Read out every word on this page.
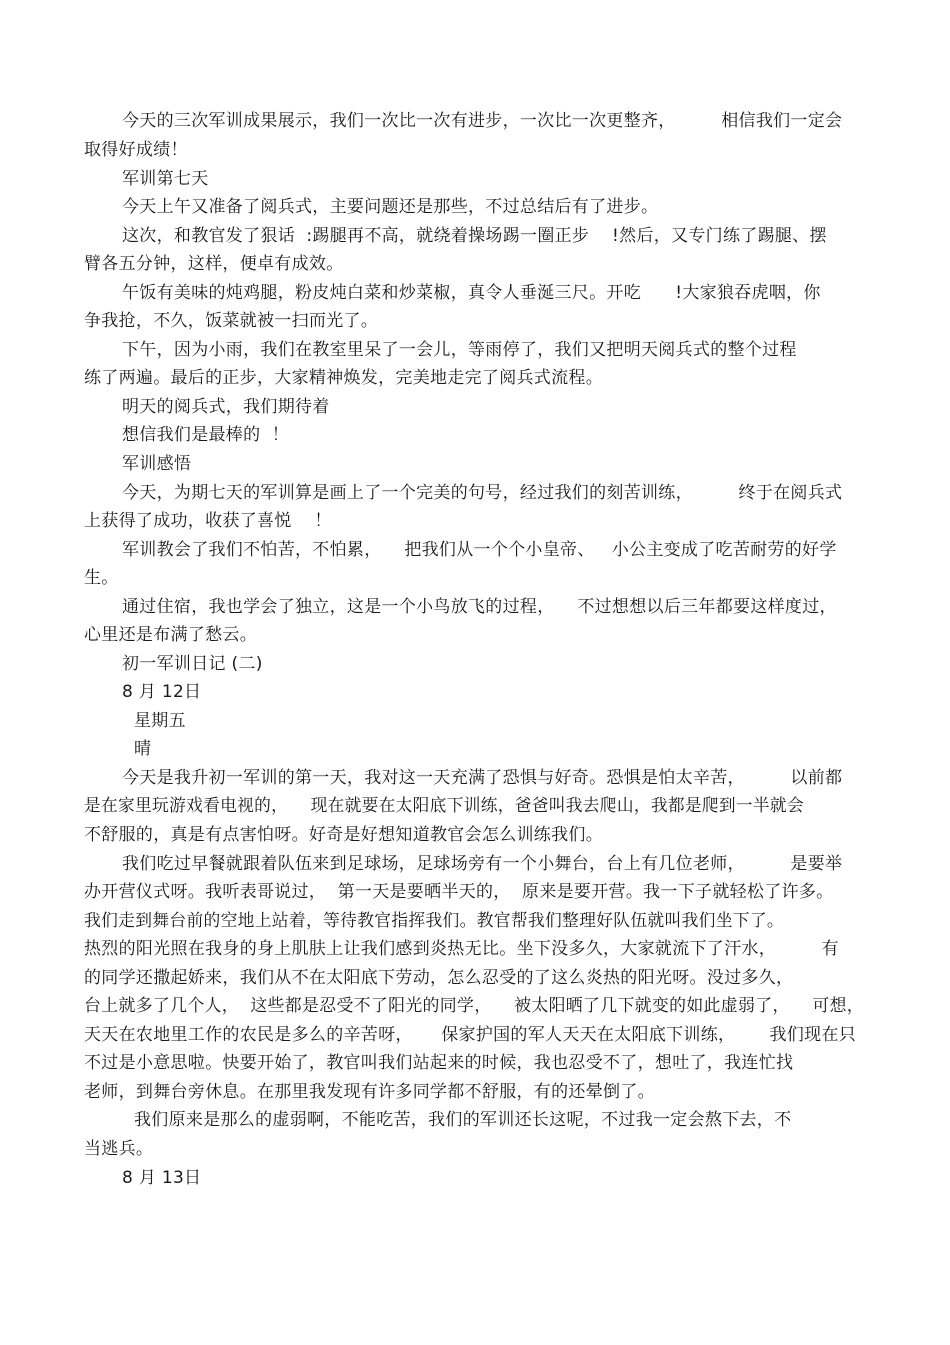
今天的三次军训成果展示，我们一次比一次有进步，一次比一次更整齐，        相信我们一定会
取得好成绩！
军训第七天
今天上午又准备了阅兵式，主要问题还是那些，不过总结后有了进步。
这次，和教官发了狠话  :踢腿再不高，就绕着操场踢一圈正步    !然后，又专门练了踢腿、摆
臂各五分钟，这样，便卓有成效。
午饭有美味的炖鸡腿，粉皮炖白菜和炒菜椒，真令人垂涎三尺。开吃      !大家狼吞虎咽，你
争我抢，不久，饭菜就被一扫而光了。
下午，因为小雨，我们在教室里呆了一会儿，等雨停了，我们又把明天阅兵式的整个过程
练了两遍。最后的正步，大家精神焕发，完美地走完了阅兵式流程。
明天的阅兵式，我们期待着
想信我们是最棒的  ！
军训感悟
今天，为期七天的军训算是画上了一个完美的句号，经过我们的刻苦训练，        终于在阅兵式
上获得了成功，收获了喜悦    ！
军训教会了我们不怕苦，不怕累，    把我们从一个个小皇帝、   小公主变成了吃苦耐劳的好学
生。
通过住宿，我也学会了独立，这是一个小鸟放飞的过程，    不过想想以后三年都要这样度过，
心里还是布满了愁云。
初一军训日记 (二)
8 月 12日
星期五
晴
今天是我升初一军训的第一天，我对这一天充满了恐惧与好奇。恐惧是怕太辛苦，        以前都
是在家里玩游戏看电视的，    现在就要在太阳底下训练，爸爸叫我去爬山，我都是爬到一半就会
不舒服的，真是有点害怕呀。好奇是好想知道教官会怎么训练我们。
我们吃过早餐就跟着队伍来到足球场，足球场旁有一个小舞台，台上有几位老师，        是要举
办开营仪式呀。我听表哥说过，  第一天是要晒半天的，  原来是要开营。我一下子就轻松了许多。
我们走到舞台前的空地上站着，等待教官指挥我们。教官帮我们整理好队伍就叫我们坐下了。
热烈的阳光照在我身的身上肌肤上让我们感到炎热无比。坐下没多久，大家就流下了汗水，        有
的同学还撒起娇来，我们从不在太阳底下劳动，怎么忍受的了这么炎热的阳光呀。没过多久，
台上就多了几个人，  这些都是忍受不了阳光的同学，    被太阳晒了几下就变的如此虚弱了，    可想，
天天在农地里工作的农民是多么的辛苦呀，     保家护国的军人天天在太阳底下训练，      我们现在只
不过是小意思啦。快要开始了，教官叫我们站起来的时候，我也忍受不了，想吐了，我连忙找
老师，到舞台旁休息。在那里我发现有许多同学都不舒服，有的还晕倒了。
我们原来是那么的虚弱啊，不能吃苦，我们的军训还长这呢，不过我一定会熬下去，不
当逃兵。
8 月 13日
